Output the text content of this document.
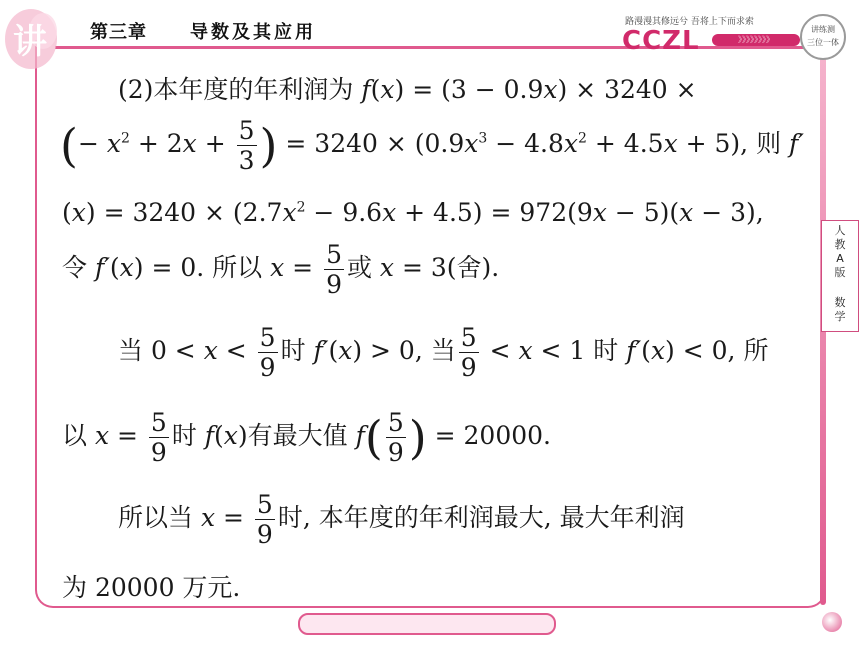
讲 第三章 导数及其应用	路漫漫其修远兮 吾将上下而求索
CCZL	》》》》》》》》
讲练测
三位一体
人
教
A
版
数
学
(2)本年度的年利润为 f(x) = (3 − 0.9x) × 3240 ×
(− $x^2 + 2x + \frac{5}{3}$ ) = $3240 \times (0.9x^3 - 4.8x^2 + 4.5x + 5)$, 则 f′
$(x) = 3240 \times (2.7x^2 - 9.6x + 4.5) = 972(9x - 5)(x - 3)$,
令 f′(x) = 0. 所以 $x = \frac{5}{9}$ 或 x = 3(舍).
当 $0 < x < \frac{5}{9}$ 时 f′(x) > 0, 当 $\frac{5}{9} < x < 1$ 时 f′(x) < 0, 所
以 $x = \frac{5}{9}$ 时 f(x)有最大值 $f( \frac{5}{9}$ ) = 20000.
所以当 $x = \frac{5}{9}$ 时, 本年度的年利润最大, 最大年利润
为 20000 万元.
